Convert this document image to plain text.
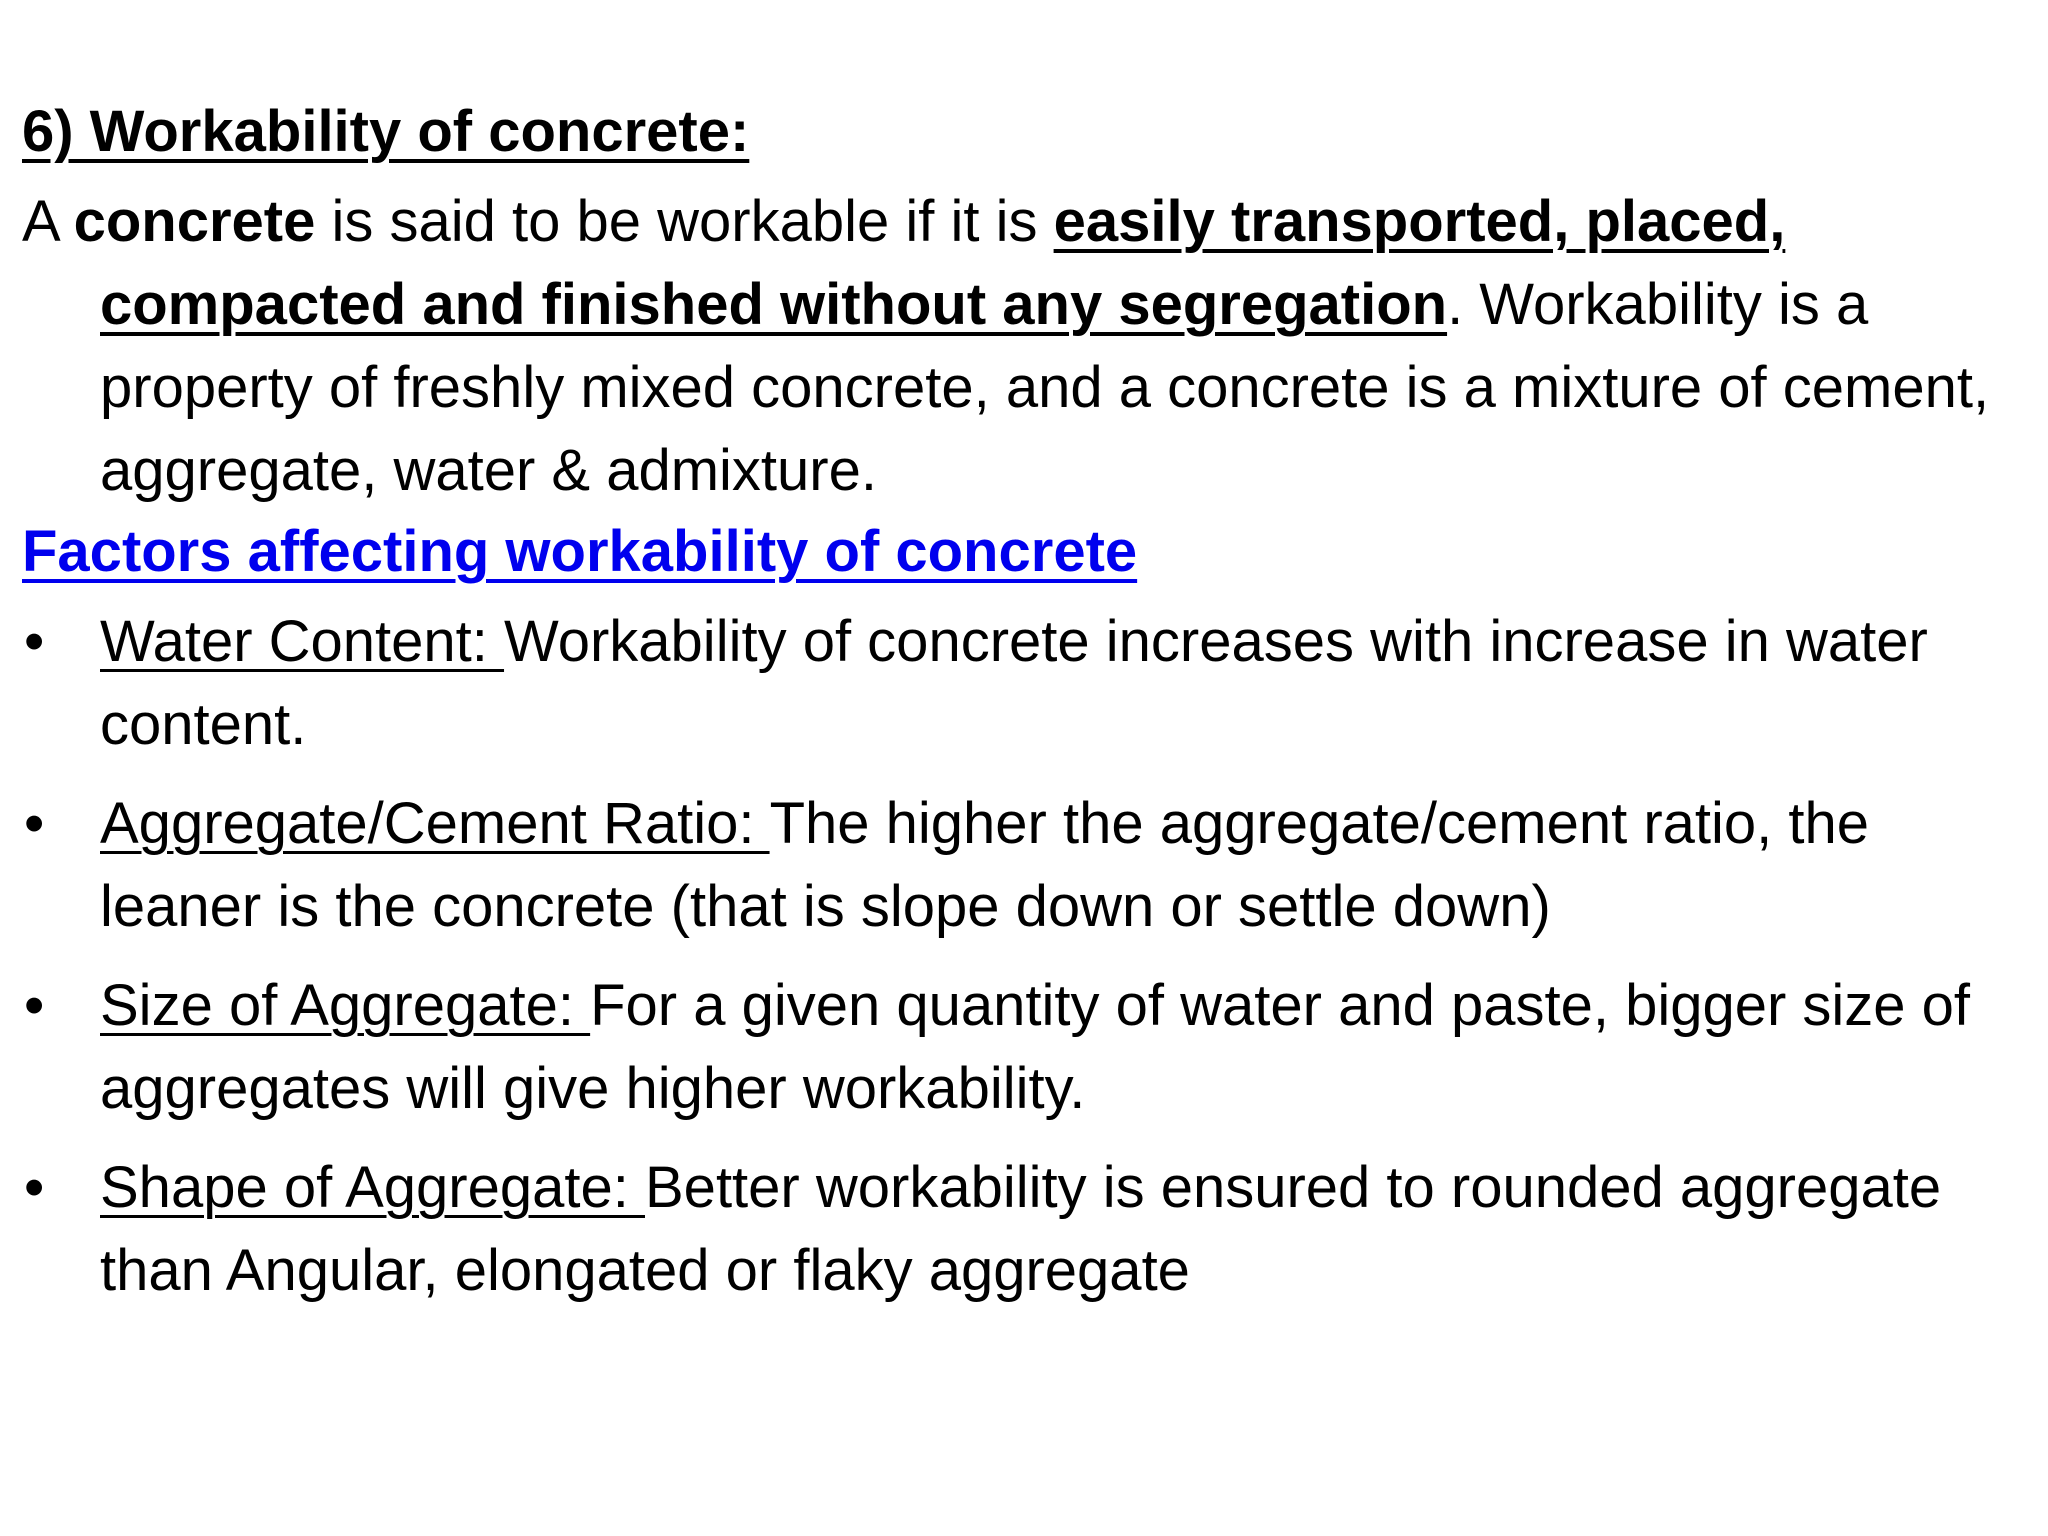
6) Workability of concrete:

A concrete is said to be workable if it is easily transported, placed, compacted and finished without any segregation. Workability is a property of freshly mixed concrete, and a concrete is a mixture of cement, aggregate, water & admixture.

Factors affecting workability of concrete
• Water Content: Workability of concrete increases with increase in water content.
• Aggregate/Cement Ratio: The higher the aggregate/cement ratio, the leaner is the concrete (that is slope down or settle down)
• Size of Aggregate: For a given quantity of water and paste, bigger size of aggregates will give higher workability.
• Shape of Aggregate: Better workability is ensured to rounded aggregate than Angular, elongated or flaky aggregate
